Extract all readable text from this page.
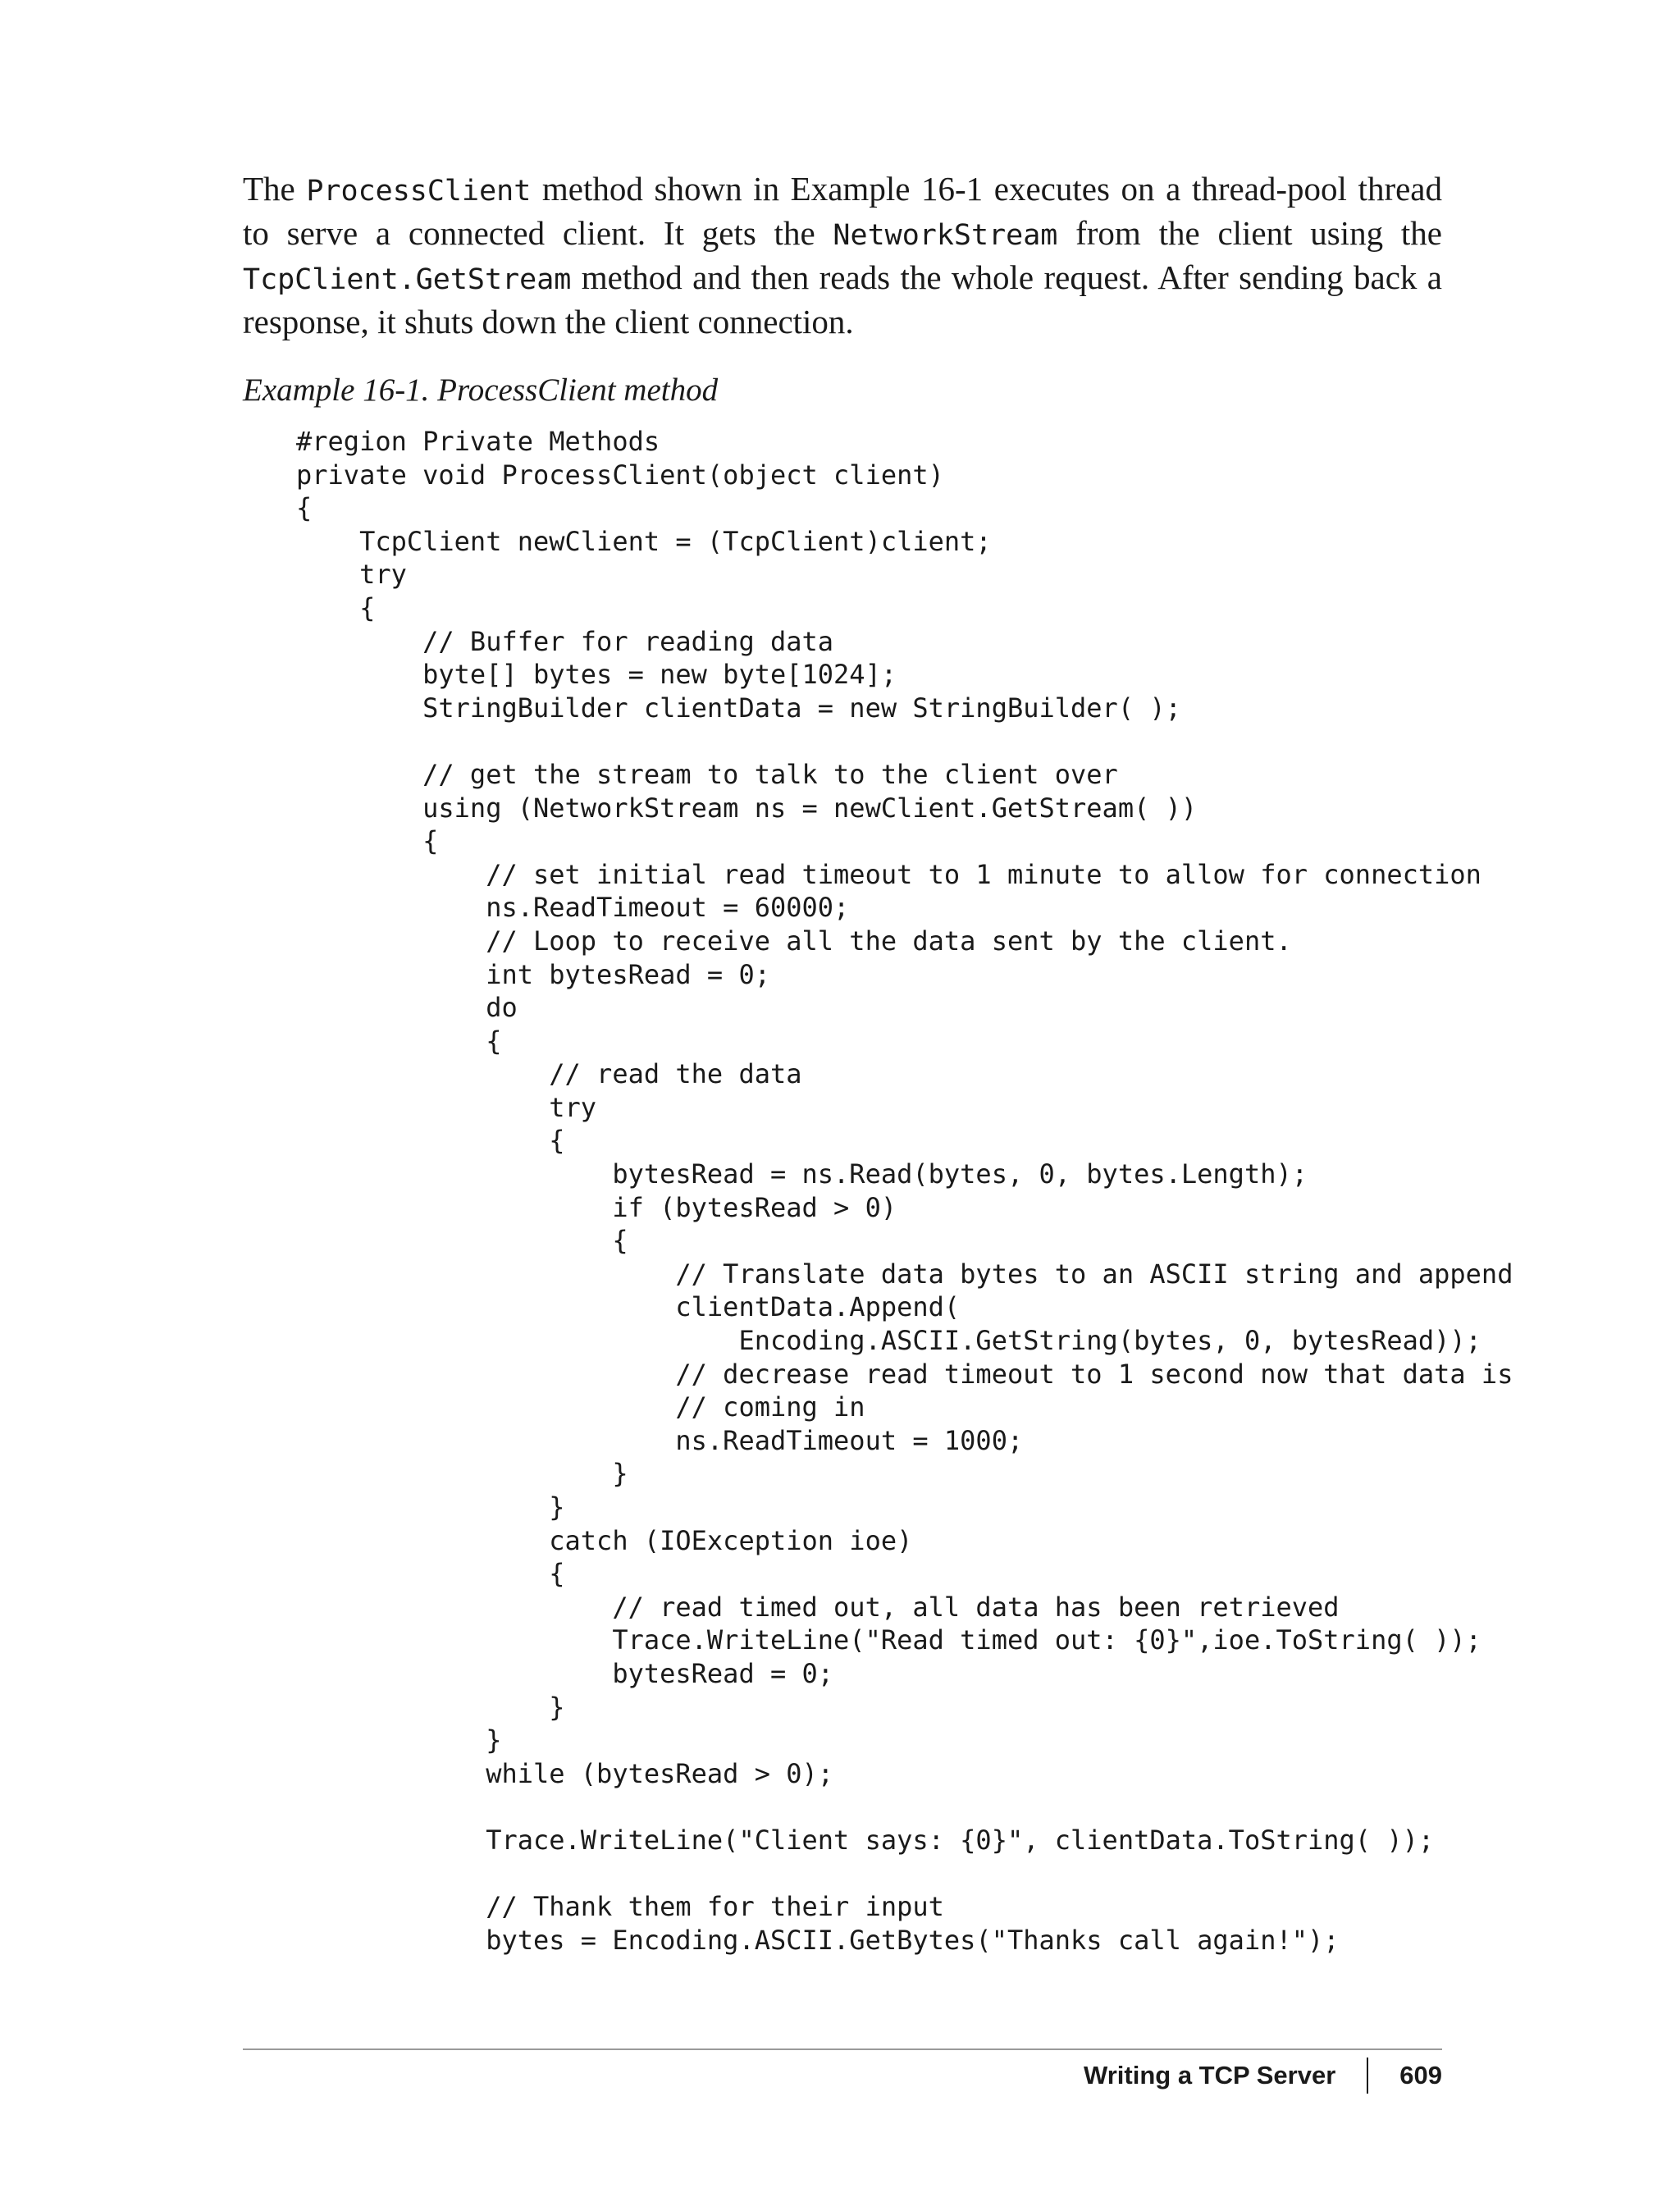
The ProcessClient method shown in Example 16-1 executes on a thread-pool thread
to serve a connected client. It gets the NetworkStream from the client using the
TcpClient.GetStream method and then reads the whole request. After sending back a
response, it shuts down the client connection.

Example 16-1. ProcessClient method

#region Private Methods
private void ProcessClient(object client)
{
TcpClient newClient = (TcpClient)client;
try
{
// Buffer for reading data
byte[] bytes = new byte[1024];
StringBuilder clientData = new StringBuilder( );
// get the stream to talk to the client over
using (NetworkStream ns = newClient.GetStream( ))
{
// set initial read timeout to 1 minute to allow for connection
ns.ReadTimeout = 60000;
// Loop to receive all the data sent by the client.
int bytesRead = 0;
do
{
// read the data
try
{
bytesRead = ns.Read(bytes, 0, bytes.Length);
if (bytesRead > 0)
{
// Translate data bytes to an ASCII string and append
clientData.Append(
Encoding.ASCII.GetString(bytes, 0, bytesRead));
// decrease read timeout to 1 second now that data is
// coming in
ns.ReadTimeout = 1000;
}
}
catch (IOException ioe)
{
// read timed out, all data has been retrieved
Trace.WriteLine("Read timed out: {0}",ioe.ToString( ));
bytesRead = 0;
}
}
while (bytesRead > 0);
Trace.WriteLine("Client says: {0}", clientData.ToString( ));
// Thank them for their input
bytes = Encoding.ASCII.GetBytes("Thanks call again!");
Writing a TCP Server	609
